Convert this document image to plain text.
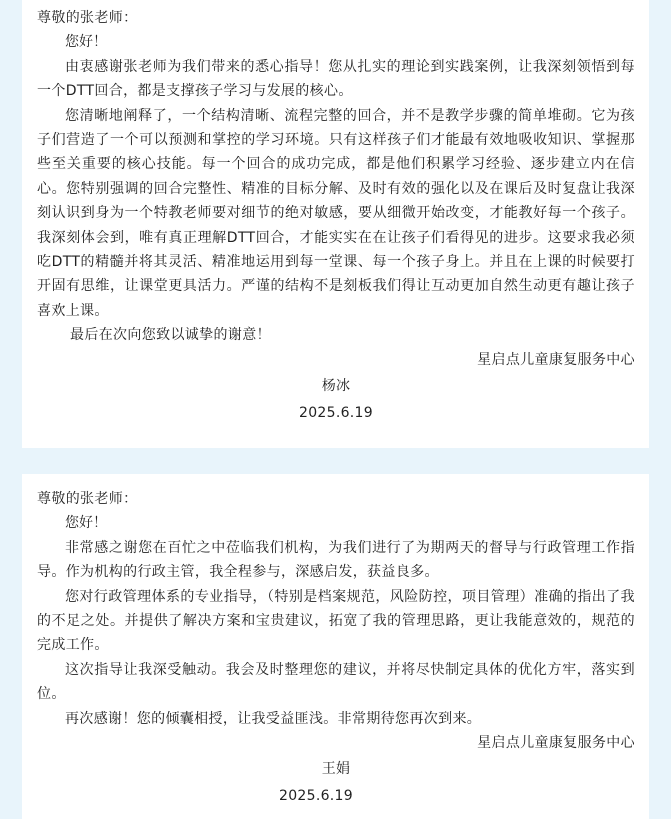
尊敬的张老师：

您好！

由衷感谢张老师为我们带来的悉心指导！您从扎实的理论到实践案例，让我深刻领悟到每一个DTT回合，都是支撑孩子学习与发展的核心。

您清晰地阐释了，一个结构清晰、流程完整的回合，并不是教学步骤的简单堆砌。它为孩子们营造了一个可以预测和掌控的学习环境。只有这样孩子们才能最有效地吸收知识、掌握那些至关重要的核心技能。每一个回合的成功完成，都是他们积累学习经验、逐步建立内在信心。您特别强调的回合完整性、精准的目标分解、及时有效的强化以及在课后及时复盘让我深刻认识到身为一个特教老师要对细节的绝对敏感，要从细微开始改变，才能教好每一个孩子。我深刻体会到，唯有真正理解DTT回合，才能实实在在让孩子们看得见的进步。这要求我必须吃DTT的精髓并将其灵活、精准地运用到每一堂课、每一个孩子身上。并且在上课的时候要打开固有思维，让课堂更具活力。严谨的结构不是刻板我们得让互动更加自然生动更有趣让孩子喜欢上课。

最后在次向您致以诚挚的谢意！

星启点儿童康复服务中心

杨冰

2025.6.19

尊敬的张老师：

您好！

非常感之谢您在百忙之中莅临我们机构，为我们进行了为期两天的督导与行政管理工作指导。作为机构的行政主管，我全程参与，深感启发，获益良多。

您对行政管理体系的专业指导，（特别是档案规范，风险防控，项目管理）准确的指出了我的不足之处。并提供了解决方案和宝贵建议，拓宽了我的管理思路，更让我能意效的，规范的完成工作。

这次指导让我深受触动。我会及时整理您的建议，并将尽快制定具体的优化方牢，落实到位。

再次感谢！您的倾囊相授，让我受益匪浅。非常期待您再次到来。

星启点儿童康复服务中心

王娟

2025.6.19
